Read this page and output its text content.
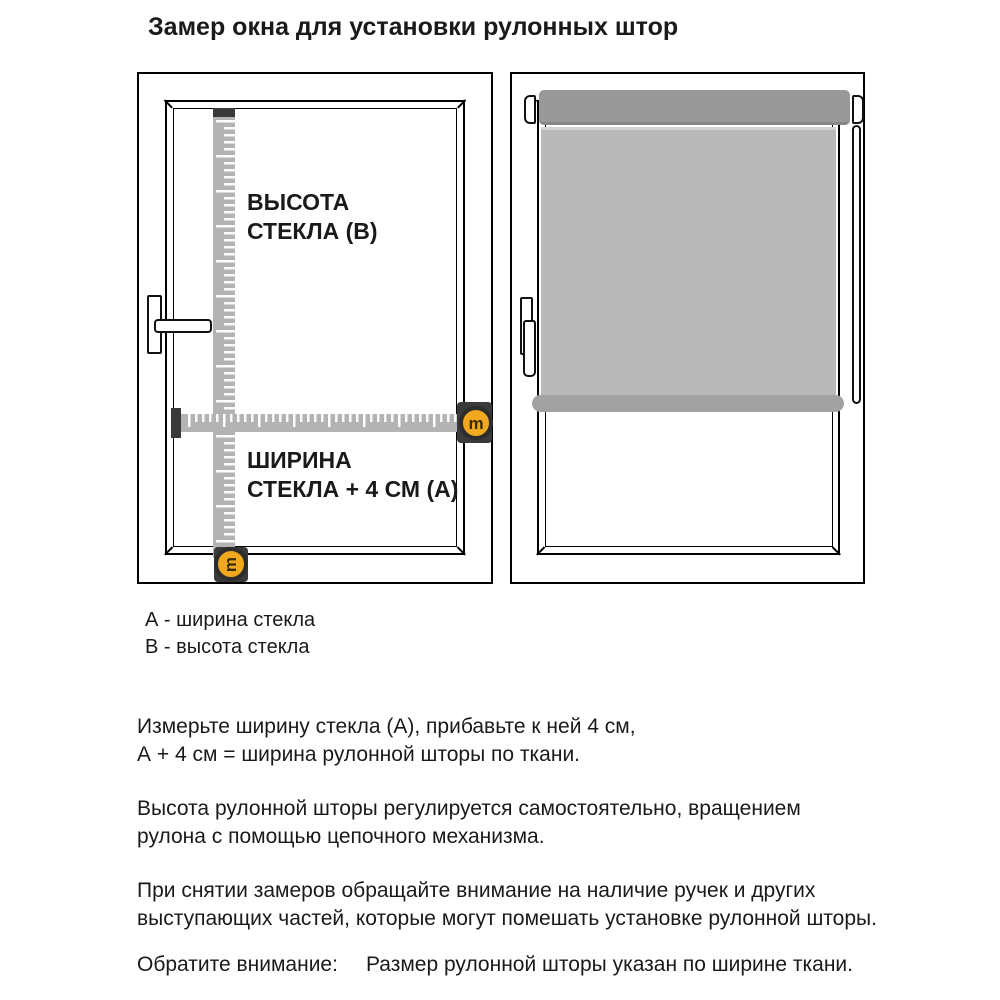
Замер окна для установки рулонных штор
m
m
ВЫСОТА
СТЕКЛА (В)
ШИРИНА
СТЕКЛА + 4 СМ (А)
А - ширина стекла
В - высота стекла
Измерьте ширину стекла (А), прибавьте к ней 4 см,
А + 4 см = ширина рулонной шторы по ткани.
Высота рулонной шторы регулируется самостоятельно, вращением
рулона с помощью цепочного механизма.
При снятии замеров обращайте внимание на наличие ручек и других
выступающих частей, которые могут помешать установке рулонной шторы.
Обратите внимание: Размер рулонной шторы указан по ширине ткани.
